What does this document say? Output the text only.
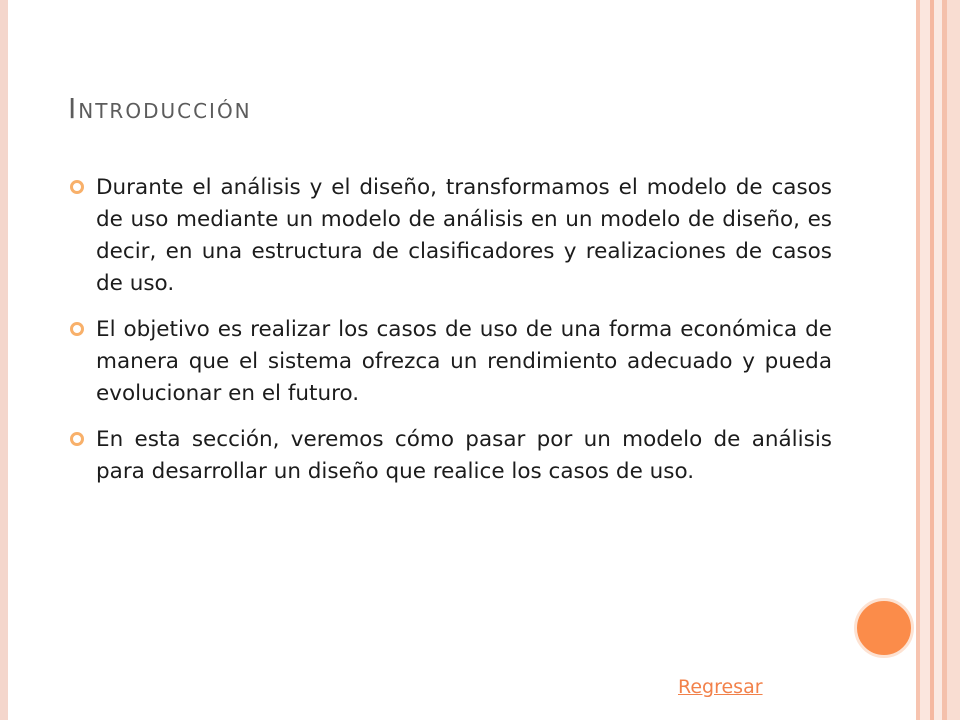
Introducción
Durante el análisis y el diseño, transformamos el modelo de casos de uso mediante un modelo de análisis en un modelo de diseño, es decir, en una estructura de clasificadores y realizaciones de casos de uso.
El objetivo es realizar los casos de uso de una forma económica de manera que el sistema ofrezca un rendimiento adecuado y pueda evolucionar en el futuro.
En esta sección, veremos cómo pasar por un modelo de análisis para desarrollar un diseño que realice los casos de uso.
Regresar
